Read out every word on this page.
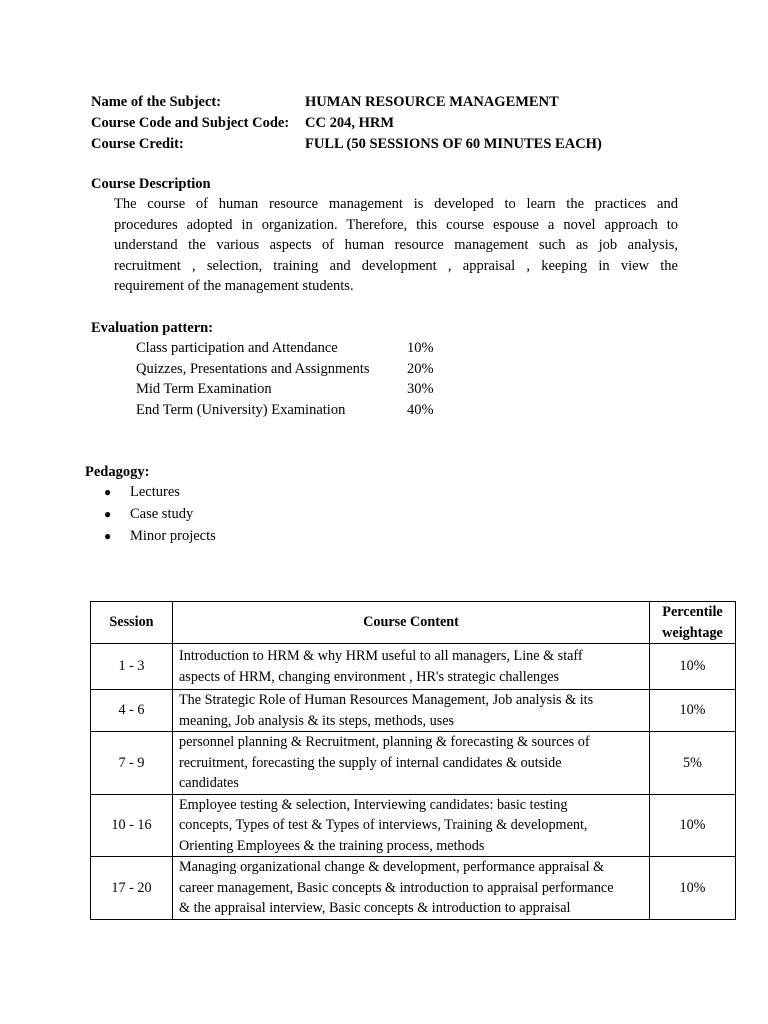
Name of the Subject:	HUMAN RESOURCE MANAGEMENT
Course Code and Subject Code: CC 204, HRM
Course Credit:	FULL (50 SESSIONS OF 60 MINUTES EACH)
Course Description
The course of human resource management is developed to learn the practices and
procedures adopted in organization. Therefore, this course espouse a novel approach to
understand the various aspects of human resource management such as job analysis,
recruitment , selection, training and development , appraisal , keeping in view the
requirement of the management students.
Evaluation pattern:
Class participation and Attendance	10%
Quizzes, Presentations and Assignments	20%
Mid Term Examination	30%
End Term (University) Examination	40%
Pedagogy:
● Lectures
● Case study
● Minor projects
Session	Course Content	Percentile
weightage

1 - 3	Introduction to HRM & why HRM useful to all managers, Line & staff
aspects of HRM, changing environment , HR's strategic challenges	10%
4 - 6	The Strategic Role of Human Resources Management, Job analysis & its
meaning, Job analysis & its steps, methods, uses	10%
7 - 9	personnel planning & Recruitment, planning & forecasting & sources of
recruitment, forecasting the supply of internal candidates & outside
candidates	5%
10 - 16	Employee testing & selection, Interviewing candidates: basic testing
concepts, Types of test & Types of interviews, Training & development,
Orienting Employees & the training process, methods	10%
17 - 20	Managing organizational change & development, performance appraisal &
career management, Basic concepts & introduction to appraisal performance
& the appraisal interview, Basic concepts & introduction to appraisal	10%
